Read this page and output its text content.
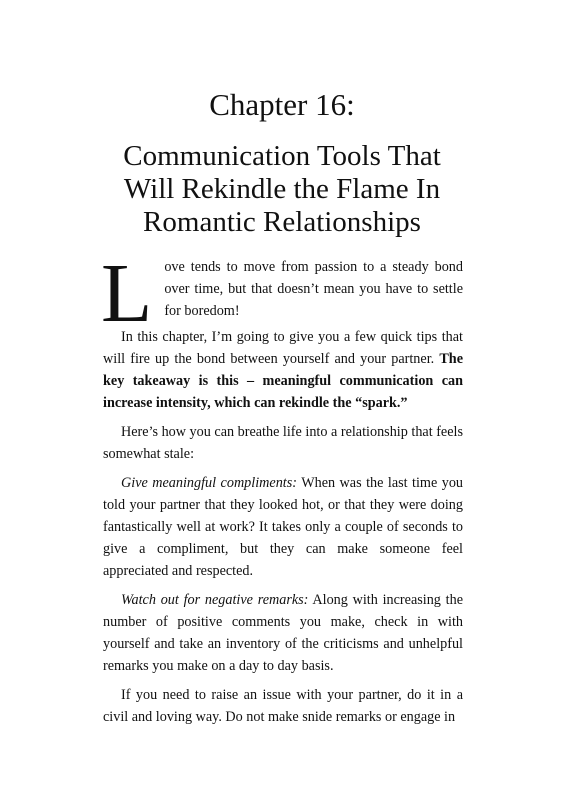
Chapter 16:
Communication Tools That
Will Rekindle the Flame In
Romantic Relationships

Love tends to move from passion to a steady bond over time, but that doesn’t mean you have to settle for boredom!

In this chapter, I’m going to give you a few quick tips that will fire up the bond between yourself and your partner. The key takeaway is this – meaningful communication can increase intensity, which can rekindle the “spark.”

Here’s how you can breathe life into a relationship that feels somewhat stale:

Give meaningful compliments: When was the last time you told your partner that they looked hot, or that they were doing fantastically well at work? It takes only a couple of seconds to give a compliment, but they can make someone feel appreciated and respected.

Watch out for negative remarks: Along with increasing the number of positive comments you make, check in with yourself and take an inventory of the criticisms and unhelpful remarks you make on a day to day basis.

If you need to raise an issue with your partner, do it in a civil and loving way. Do not make snide remarks or engage in
